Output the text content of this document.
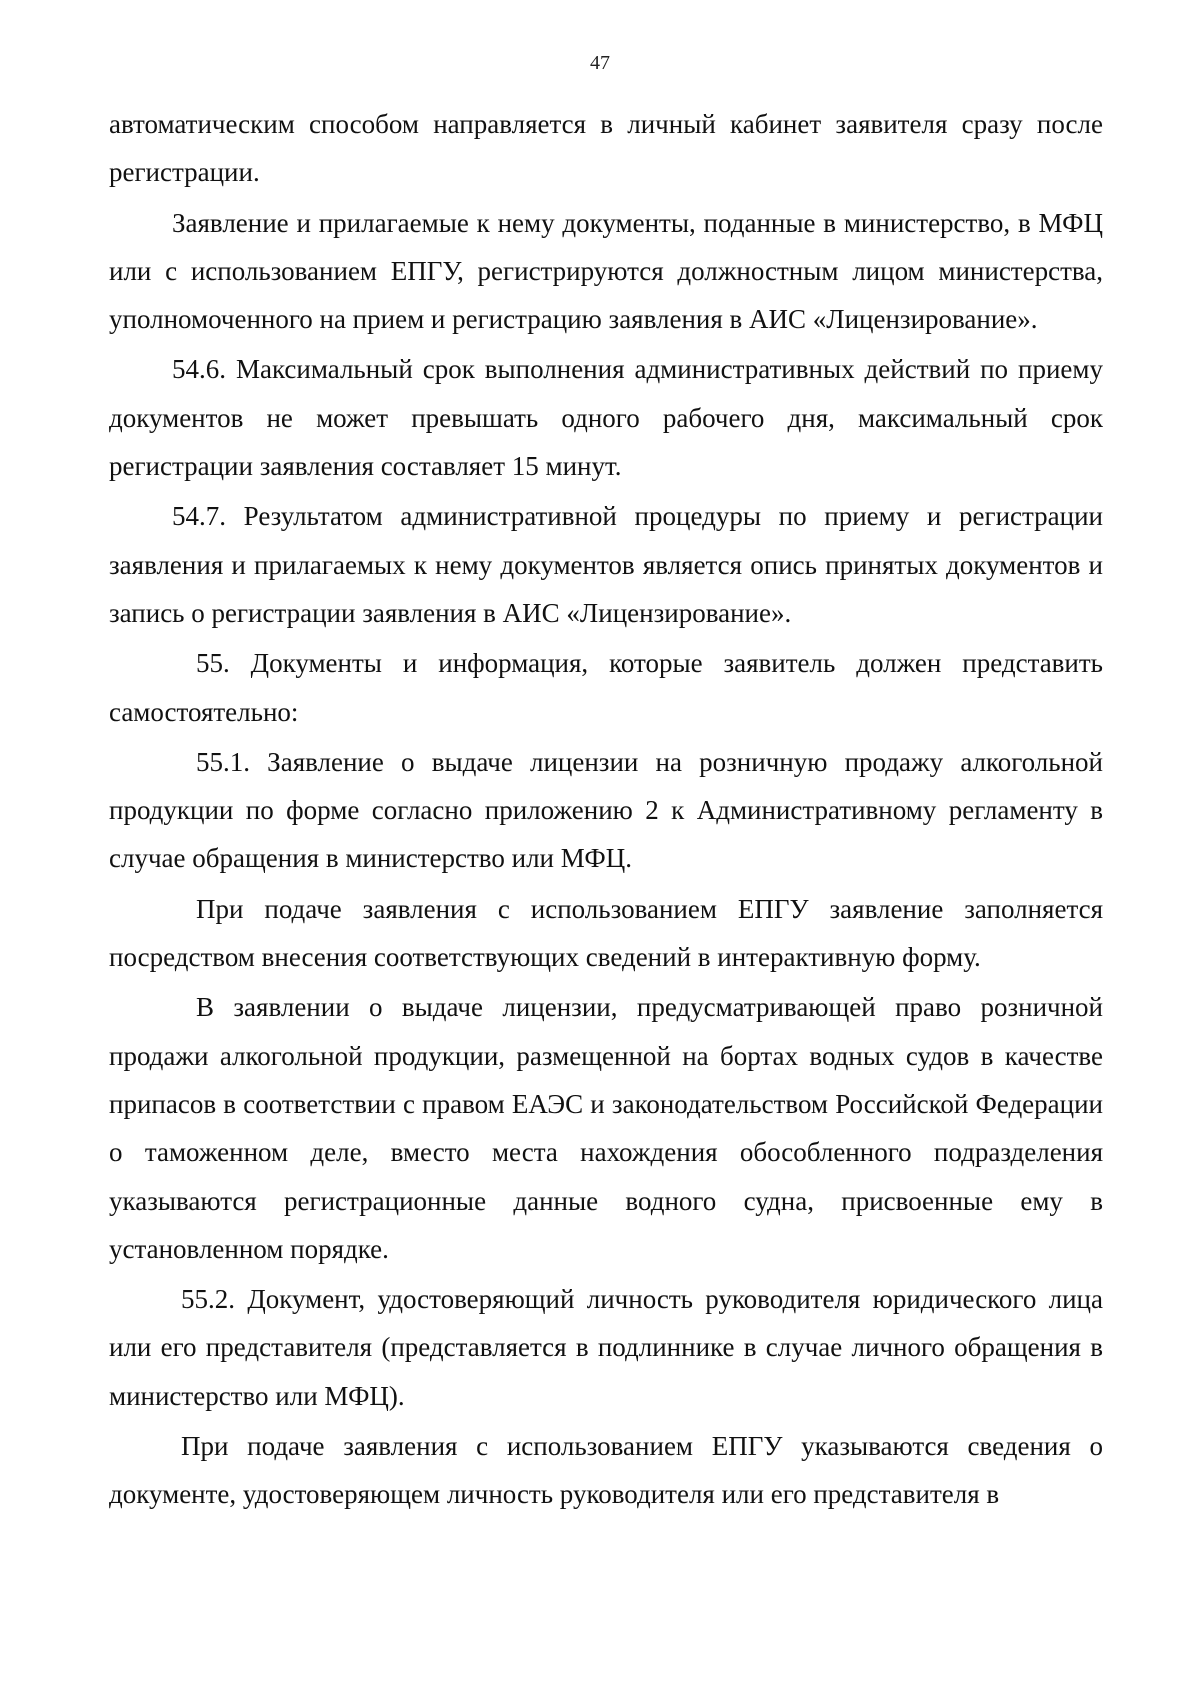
47

автоматическим способом направляется в личный кабинет заявителя сразу после регистрации.

Заявление и прилагаемые к нему документы, поданные в министерство, в МФЦ или с использованием ЕПГУ, регистрируются должностным лицом министерства, уполномоченного на прием и регистрацию заявления в АИС «Лицензирование».

54.6. Максимальный срок выполнения административных действий по приему документов не может превышать одного рабочего дня, максимальный срок регистрации заявления составляет 15 минут.

54.7. Результатом административной процедуры по приему и регистрации заявления и прилагаемых к нему документов является опись принятых документов и запись о регистрации заявления в АИС «Лицензирование».

55. Документы и информация, которые заявитель должен представить самостоятельно:

55.1. Заявление о выдаче лицензии на розничную продажу алкогольной продукции по форме согласно приложению 2 к Административному регламенту в случае обращения в министерство или МФЦ.

При подаче заявления с использованием ЕПГУ заявление заполняется посредством внесения соответствующих сведений в интерактивную форму.

В заявлении о выдаче лицензии, предусматривающей право розничной продажи алкогольной продукции, размещенной на бортах водных судов в качестве припасов в соответствии с правом ЕАЭС и законодательством Российской Федерации о таможенном деле, вместо места нахождения обособленного подразделения указываются регистрационные данные водного судна, присвоенные ему в установленном порядке.

55.2. Документ, удостоверяющий личность руководителя юридического лица или его представителя (представляется в подлиннике в случае личного обращения в министерство или МФЦ).

При подаче заявления с использованием ЕПГУ указываются сведения о документе, удостоверяющем личность руководителя или его представителя в
